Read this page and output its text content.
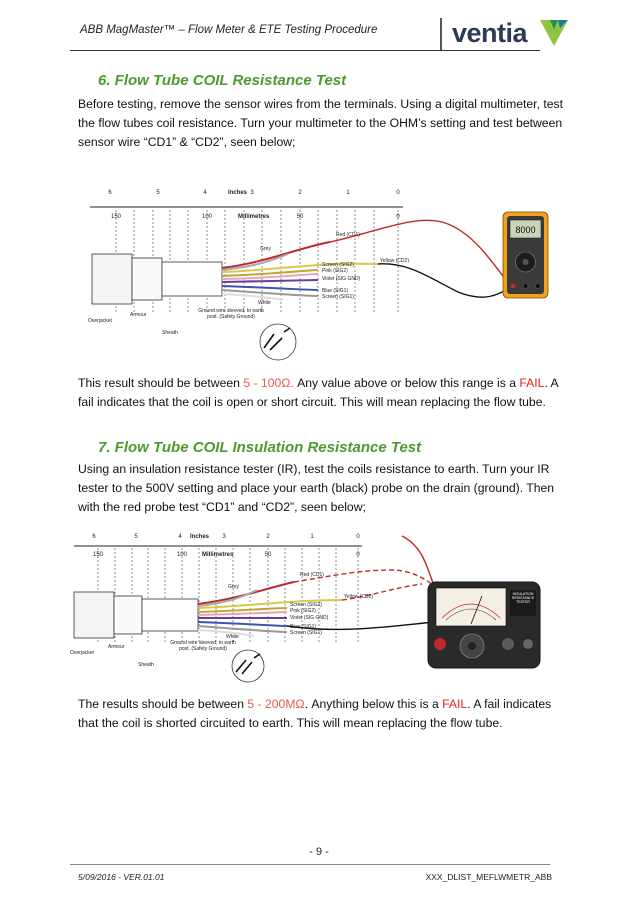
ABB MagMaster™ – Flow Meter & ETE Testing Procedure	ventia
6. Flow Tube COIL Resistance Test
Before testing, remove the sensor wires from the terminals. Using a digital multimeter, test the flow tubes coil resistance. Turn your multimeter to the OHM’s setting and test between sensor wire “CD1” & “CD2”, seen below;
6	5	4	3	2	1	0
Inches
150	100	50	0
Millimetres
Red (CD1)
Yellow (CD2)
Screen (SIG2)
Pink (SIG2)
Violet (SIG GND)
Blue (SIG1)
Screen (SIG1)
Grey
White
Overjacket
Armour
Sheath
Ground wire sleeved, to earth post. (Safety Ground)
8000
This result should be between 5 - 100Ω. Any value above or below this range is a FAIL. A fail indicates that the coil is open or short circuit. This will mean replacing the flow tube.
7. Flow Tube COIL Insulation Resistance Test
Using an insulation resistance tester (IR), test the coils resistance to earth. Turn your IR tester to the 500V setting and place your earth (black) probe on the drain (ground). Then with the red probe test “CD1” and “CD2”, seen below;
6	5	4	3	2	1	0
Inches
150	100	50	0
Millimetres
Red (CD1)
Yellow (CD2)
Screen (SIG2)
Pink (SIG2)
Violet (SIG GND)
Blue (SIG1)
Screen (SIG1)
Grey
White
Overjacket
Armour
Sheath
Ground wire sleeved, to earth post. (Safety Ground)
INSULATION RESISTANCE TESTER
The results should be between 5 - 200MΩ. Anything below this is a FAIL. A fail indicates that the coil is shorted circuited to earth. This will mean replacing the flow tube.
- 9 -
5/09/2016 - VER.01.01	XXX_DLIST_MEFLWMETR_ABB
